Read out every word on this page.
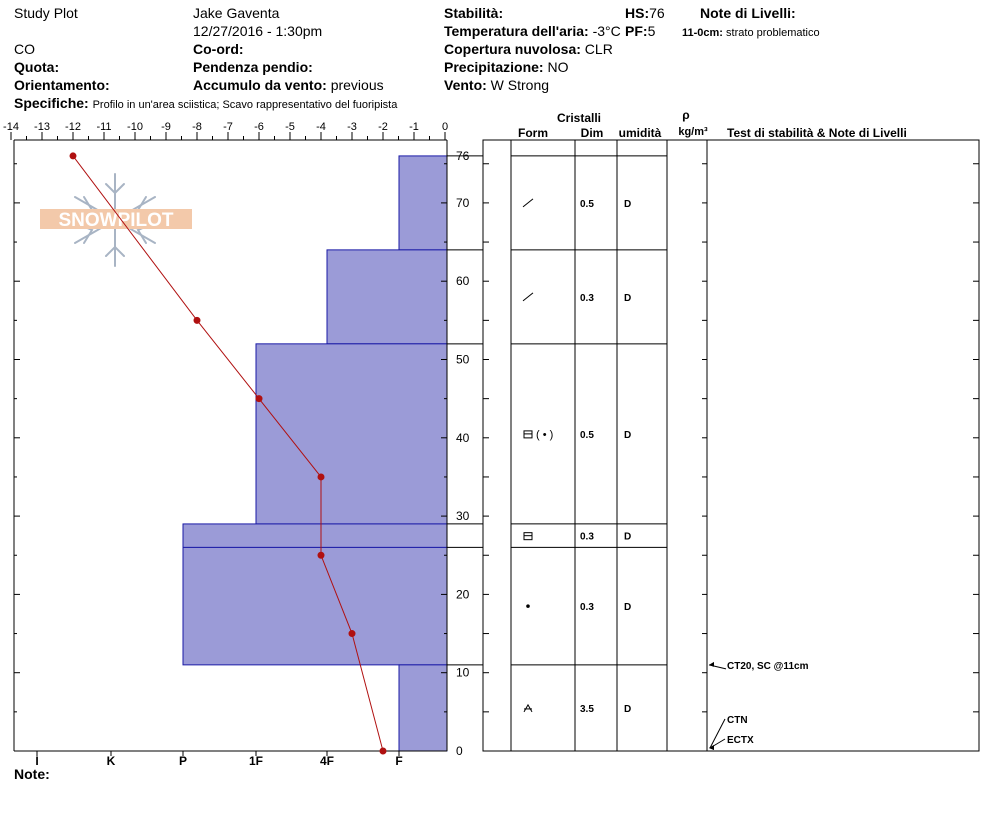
Study Plot	Jake Gaventa
12/27/2016 - 1:30pm
CO	Co-ord:
Quota:	Pendenza pendio:
Orientamento:	Accumulo da vento: previous
Specifiche: Profilo in un'area sciistica; Scavo rappresentativo del fuoripista
Stabilità:
Temperatura dell'aria: -3°C
Copertura nuvolosa: CLR
Precipitazione: NO
Vento: W Strong
HS:76
PF:5
Note di Livelli:
11-0cm: strato problematico
Note:
SNOWPILOT
-14 -13 -12 -11 -10 -9 -8 -7 -6 -5 -4 -3 -2 -1 0
0
10
20
30
40
50
60
70
76
I	K	P	1F	4F	F
Cristalli
Form	Dim umidità
ρ
kg/m³ Test di stabilità & Note di Livelli
0.5	D
0.3	D
( • )	0.5	D
0.3	D
0.3	D
3.5	D
CT20, SC @11cm
CTN
ECTX
